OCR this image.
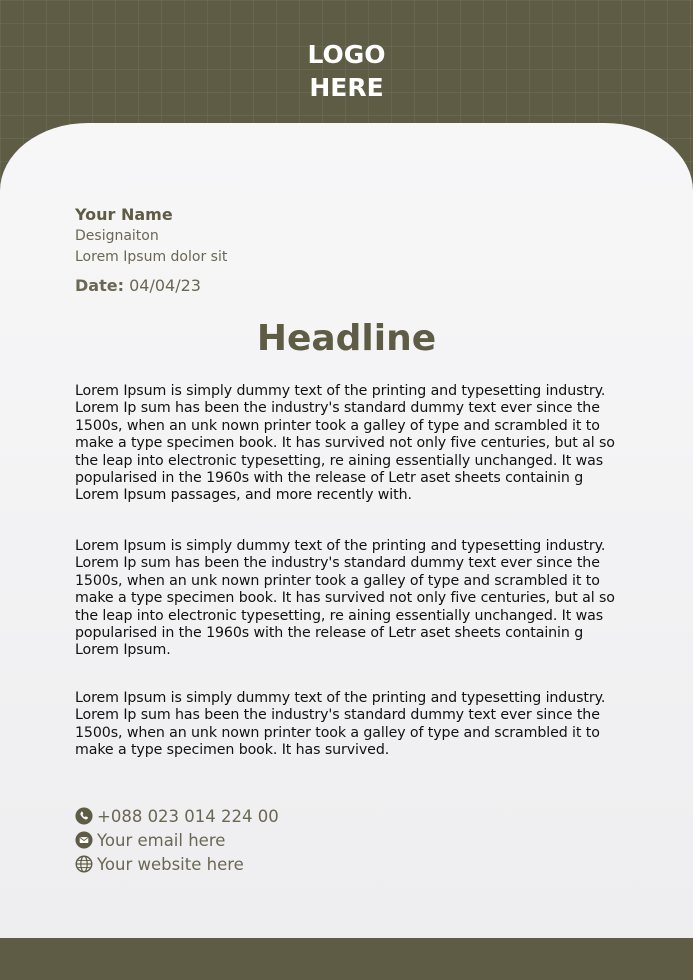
LOGO
HERE
Your Name
Designaiton
Lorem Ipsum dolor sit
Date: 04/04/23
Headline

Lorem Ipsum is simply dummy text of the printing and typesetting industry. Lorem Ip sum has been the industry's standard dummy text ever since the 1500s, when an unk nown printer took a galley of type and scrambled it to make a type specimen book. It has survived not only five centuries, but al so the leap into electronic typesetting, re aining essentially unchanged. It was popularised in the 1960s with the release of Letr aset sheets containin g Lorem Ipsum passages, and more recently with.

Lorem Ipsum is simply dummy text of the printing and typesetting industry. Lorem Ip sum has been the industry's standard dummy text ever since the 1500s, when an unk nown printer took a galley of type and scrambled it to make a type specimen book. It has survived not only five centuries, but al so the leap into electronic typesetting, re aining essentially unchanged. It was popularised in the 1960s with the release of Letr aset sheets containin g Lorem Ipsum.

Lorem Ipsum is simply dummy text of the printing and typesetting industry. Lorem Ip sum has been the industry's standard dummy text ever since the 1500s, when an unk nown printer took a galley of type and scrambled it to make a type specimen book. It has survived.

+088 023 014 224 00
Your email here
Your website here
